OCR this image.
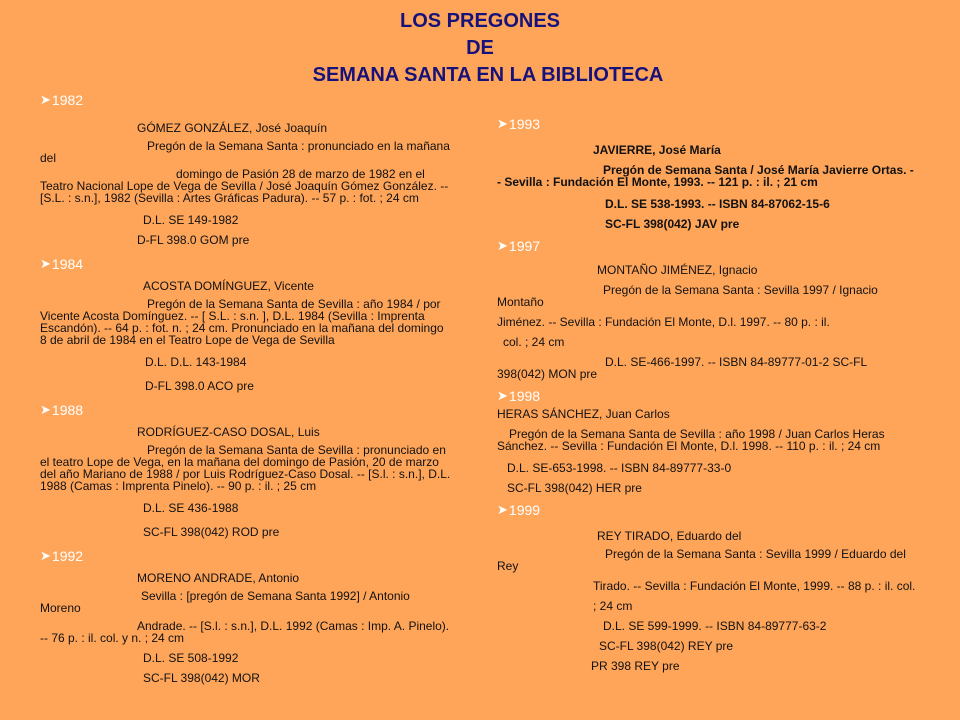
LOS PREGONES
DE
SEMANA SANTA EN LA BIBLIOTECA
➤ 1982

GÓMEZ GONZÁLEZ, José Joaquín

Pregón de la Semana Santa : pronunciado en la mañana del

domingo de Pasión 28 de marzo de 1982 en el Teatro Nacional Lope de Vega de Sevilla / José Joaquín Gómez González. -- [S.L. : s.n.], 1982 (Sevilla : Artes Gráficas Padura). -- 57 p. : fot. ; 24 cm

D.L. SE 149-1982

D-FL 398.0 GOM pre

➤ 1984

ACOSTA DOMÍNGUEZ, Vicente

Pregón de la Semana Santa de Sevilla : año 1984 / por Vicente Acosta Domínguez. -- [ S.L. : s.n. ], D.L. 1984 (Sevilla : Imprenta Escandón). -- 64 p. : fot. n. ; 24 cm. Pronunciado en la mañana del domingo 8 de abril de 1984 en el Teatro Lope de Vega de Sevilla

D.L. D.L. 143-1984

D-FL 398.0 ACO pre

➤ 1988

RODRÍGUEZ-CASO DOSAL, Luis

Pregón de la Semana Santa de Sevilla : pronunciado en el teatro Lope de Vega, en la mañana del domingo de Pasión, 20 de marzo del año Mariano de 1988 / por Luis Rodríguez-Caso Dosal. -- [S.l. : s.n.], D.L. 1988 (Camas : Imprenta Pinelo). -- 90 p. : il. ; 25 cm

D.L. SE 436-1988

SC-FL 398(042) ROD pre

➤ 1992

MORENO ANDRADE, Antonio

Sevilla : [pregón de Semana Santa 1992] / Antonio Moreno

Andrade. -- [S.l. : s.n.], D.L. 1992 (Camas : Imp. A. Pinelo). -- 76 p. : il. col. y n. ; 24 cm

D.L. SE 508-1992

SC-FL 398(042) MOR

➤ 1993

JAVIERRE, José María

Pregón de Semana Santa / José María Javierre Ortas. -- Sevilla : Fundación El Monte, 1993. -- 121 p. : il. ; 21 cm

D.L. SE 538-1993. -- ISBN 84-87062-15-6

SC-FL 398(042) JAV pre

➤ 1997

MONTAÑO JIMÉNEZ, Ignacio

Pregón de la Semana Santa : Sevilla 1997 / Ignacio Montaño

Jiménez. -- Sevilla : Fundación El Monte, D.l. 1997. -- 80 p. : il.

col. ; 24 cm

D.L. SE-466-1997. -- ISBN 84-89777-01-2 SC-FL 398(042) MON pre

➤ 1998

HERAS SÁNCHEZ, Juan Carlos

Pregón de la Semana Santa de Sevilla : año 1998 / Juan Carlos Heras Sánchez. -- Sevilla : Fundación El Monte, D.l. 1998. -- 110 p. : il. ; 24 cm

D.L. SE-653-1998. -- ISBN 84-89777-33-0

SC-FL 398(042) HER pre

➤ 1999

REY TIRADO, Eduardo del

Pregón de la Semana Santa : Sevilla 1999 / Eduardo del Rey

Tirado. -- Sevilla : Fundación El Monte, 1999. -- 88 p. : il. col.

; 24 cm

D.L. SE 599-1999. -- ISBN 84-89777-63-2

SC-FL 398(042) REY pre

PR 398 REY pre
